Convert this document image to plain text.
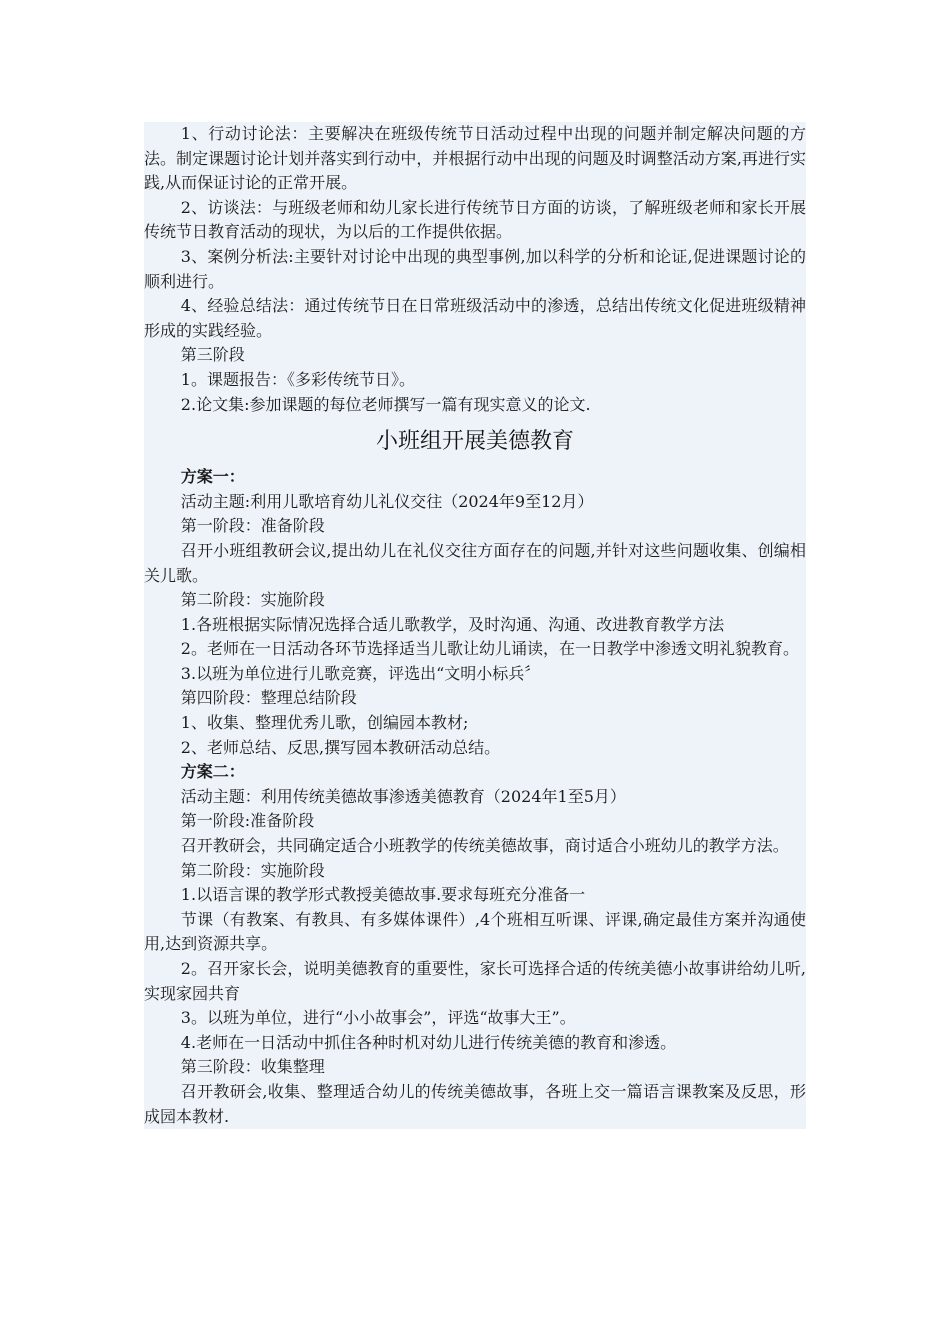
1、行动讨论法：主要解决在班级传统节日活动过程中出现的问题并制定解决问题的方法。制定课题讨论计划并落实到行动中，并根据行动中出现的问题及时调整活动方案,再进行实践,从而保证讨论的正常开展。

2、访谈法：与班级老师和幼儿家长进行传统节日方面的访谈，了解班级老师和家长开展传统节日教育活动的现状，为以后的工作提供依据。

3、案例分析法:主要针对讨论中出现的典型事例,加以科学的分析和论证,促进课题讨论的顺利进行。

4、经验总结法：通过传统节日在日常班级活动中的渗透，总结出传统文化促进班级精神形成的实践经验。

第三阶段

1。课题报告：《多彩传统节日》。

2.论文集:参加课题的每位老师撰写一篇有现实意义的论文.

小班组开展美德教育

方案一：

活动主题:利用儿歌培育幼儿礼仪交往（2024年9至12月）

第一阶段：准备阶段

召开小班组教研会议,提出幼儿在礼仪交往方面存在的问题,并针对这些问题收集、创编相关儿歌。

第二阶段：实施阶段

1.各班根据实际情况选择合适儿歌教学，及时沟通、沟通、改进教育教学方法

2。老师在一日活动各环节选择适当儿歌让幼儿诵读，在一日教学中渗透文明礼貌教育。

3.以班为单位进行儿歌竞赛，评选出“文明小标兵〞

第四阶段：整理总结阶段

1、收集、整理优秀儿歌，创编园本教材;

2、老师总结、反思,撰写园本教研活动总结。

方案二：

活动主题：利用传统美德故事渗透美德教育（2024年1至5月）

第一阶段:准备阶段

召开教研会，共同确定适合小班教学的传统美德故事，商讨适合小班幼儿的教学方法。

第二阶段：实施阶段

1.以语言课的教学形式教授美德故事.要求每班充分准备一

节课（有教案、有教具、有多媒体课件）,4个班相互听课、评课,确定最佳方案并沟通使用,达到资源共享。

2。召开家长会，说明美德教育的重要性，家长可选择合适的传统美德小故事讲给幼儿听,实现家园共育

3。以班为单位，进行“小小故事会”，评选“故事大王”。

4.老师在一日活动中抓住各种时机对幼儿进行传统美德的教育和渗透。

第三阶段：收集整理

召开教研会,收集、整理适合幼儿的传统美德故事，各班上交一篇语言课教案及反思，形成园本教材.
